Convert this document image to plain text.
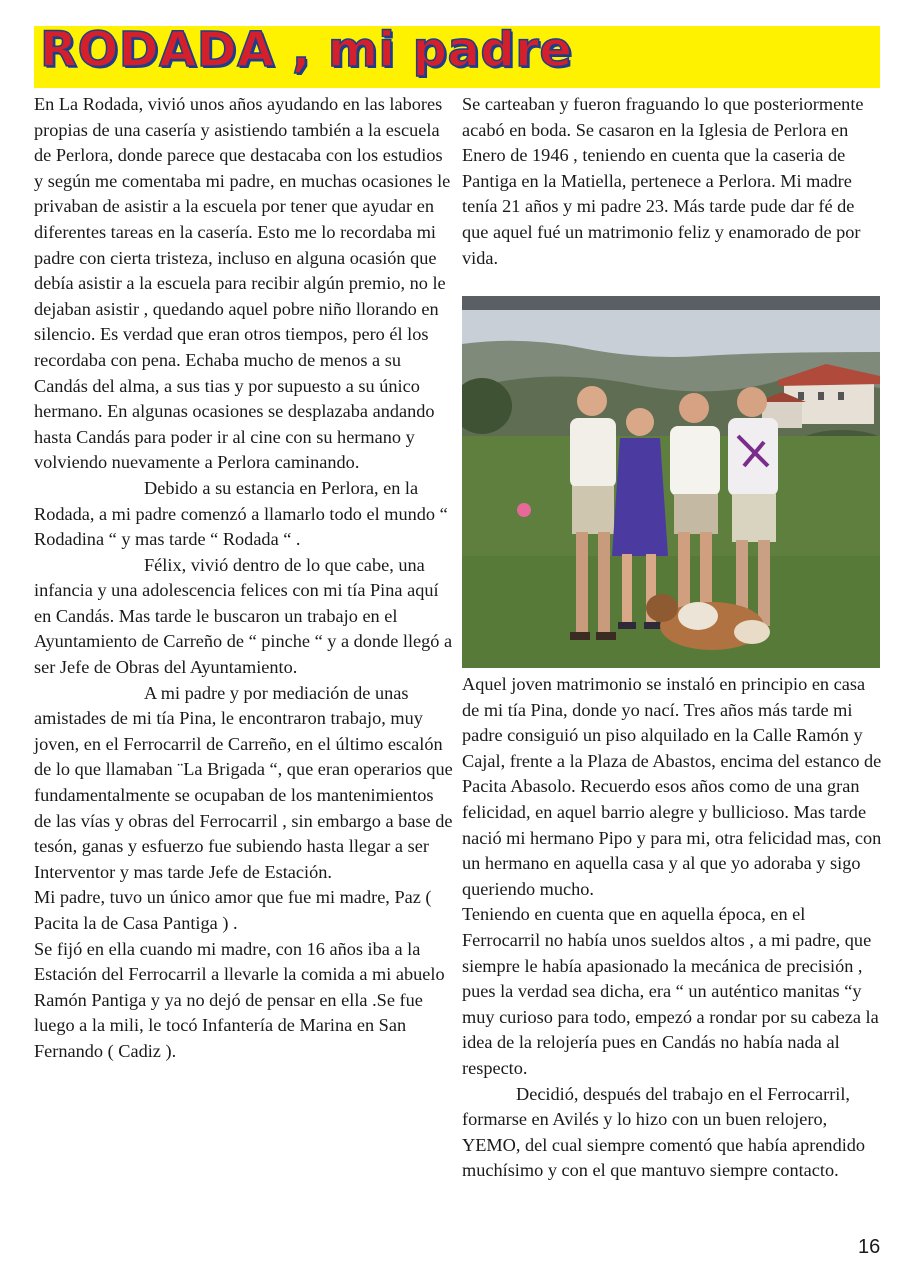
RODADA , mi padre

En La Rodada, vivió unos años ayudando en las labores propias de una casería y asistiendo también a la escuela de Perlora, donde parece que destacaba con los estudios y según me comentaba mi padre, en muchas ocasiones le privaban de asistir a la escuela por tener que ayudar en diferentes tareas en la casería. Esto me lo recordaba mi padre con cierta tristeza, incluso en alguna ocasión que debía asistir a la escuela para recibir algún premio, no le dejaban asistir , quedando aquel pobre niño llorando en silencio. Es verdad que eran otros tiempos, pero él los recordaba con pena. Echaba mucho de menos a su Candás del alma, a sus tias y por supuesto a su único hermano. En algunas ocasiones se desplazaba andando hasta Candás para poder ir al cine con su hermano y volviendo nuevamente a Perlora caminando.

Debido a su estancia en Perlora, en la Rodada, a mi padre comenzó a llamarlo todo el mundo “ Rodadina “ y mas tarde “ Rodada “ .

Félix, vivió dentro de lo que cabe, una infancia y una adolescencia felices con mi tía Pina aquí en Candás. Mas tarde le buscaron un trabajo en el Ayuntamiento de Carreño de “ pinche “ y a donde llegó a ser Jefe de Obras del Ayuntamiento.

A mi padre y por mediación de unas amistades de mi tía Pina, le encontraron trabajo, muy joven, en el Ferrocarril de Carreño, en el último escalón de lo que llamaban ¨La Brigada “, que eran operarios que fundamentalmente se ocupaban de los mantenimientos de las vías y obras del Ferrocarril , sin embargo a base de tesón, ganas y esfuerzo fue subiendo hasta llegar a ser Interventor y mas tarde Jefe de Estación.

Mi padre, tuvo un único amor que fue mi madre, Paz ( Pacita la de Casa Pantiga ) .

Se fijó en ella cuando mi madre, con 16 años iba a la Estación del Ferrocarril a llevarle la comida a mi abuelo Ramón Pantiga y ya no dejó de pensar en ella .Se fue luego a la mili, le tocó Infantería de Marina en San Fernando ( Cadiz ).

Se carteaban y fueron fraguando lo que posteriormente acabó en boda. Se casaron en la Iglesia de Perlora en Enero de 1946 , teniendo en cuenta que la caseria de Pantiga en la Matiella, pertenece a Perlora. Mi madre tenía 21 años y mi padre 23. Más tarde pude dar fé de que aquel fué un matrimonio feliz y enamorado de por vida.

Aquel joven matrimonio se instaló en principio en casa de mi tía Pina, donde yo nací. Tres años más tarde mi padre consiguió un piso alquilado en la Calle Ramón y Cajal, frente a la Plaza de Abastos, encima del estanco de Pacita Abasolo. Recuerdo esos años como de una gran felicidad, en aquel barrio alegre y bullicioso. Mas tarde nació mi hermano Pipo y para mi, otra felicidad mas, con un hermano en aquella casa y al que yo adoraba y sigo queriendo mucho.

Teniendo en cuenta que en aquella época, en el Ferrocarril no había unos sueldos altos , a mi padre, que siempre le había apasionado la mecánica de precisión , pues la verdad sea dicha, era “ un auténtico manitas “y muy curioso para todo, empezó a rondar por su cabeza la idea de la relojería pues en Candás no había nada al respecto.

Decidió, después del trabajo en el Ferrocarril, formarse en Avilés y lo hizo con un buen relojero, YEMO, del cual siempre comentó que había aprendido muchísimo y con el que mantuvo siempre contacto.

16
